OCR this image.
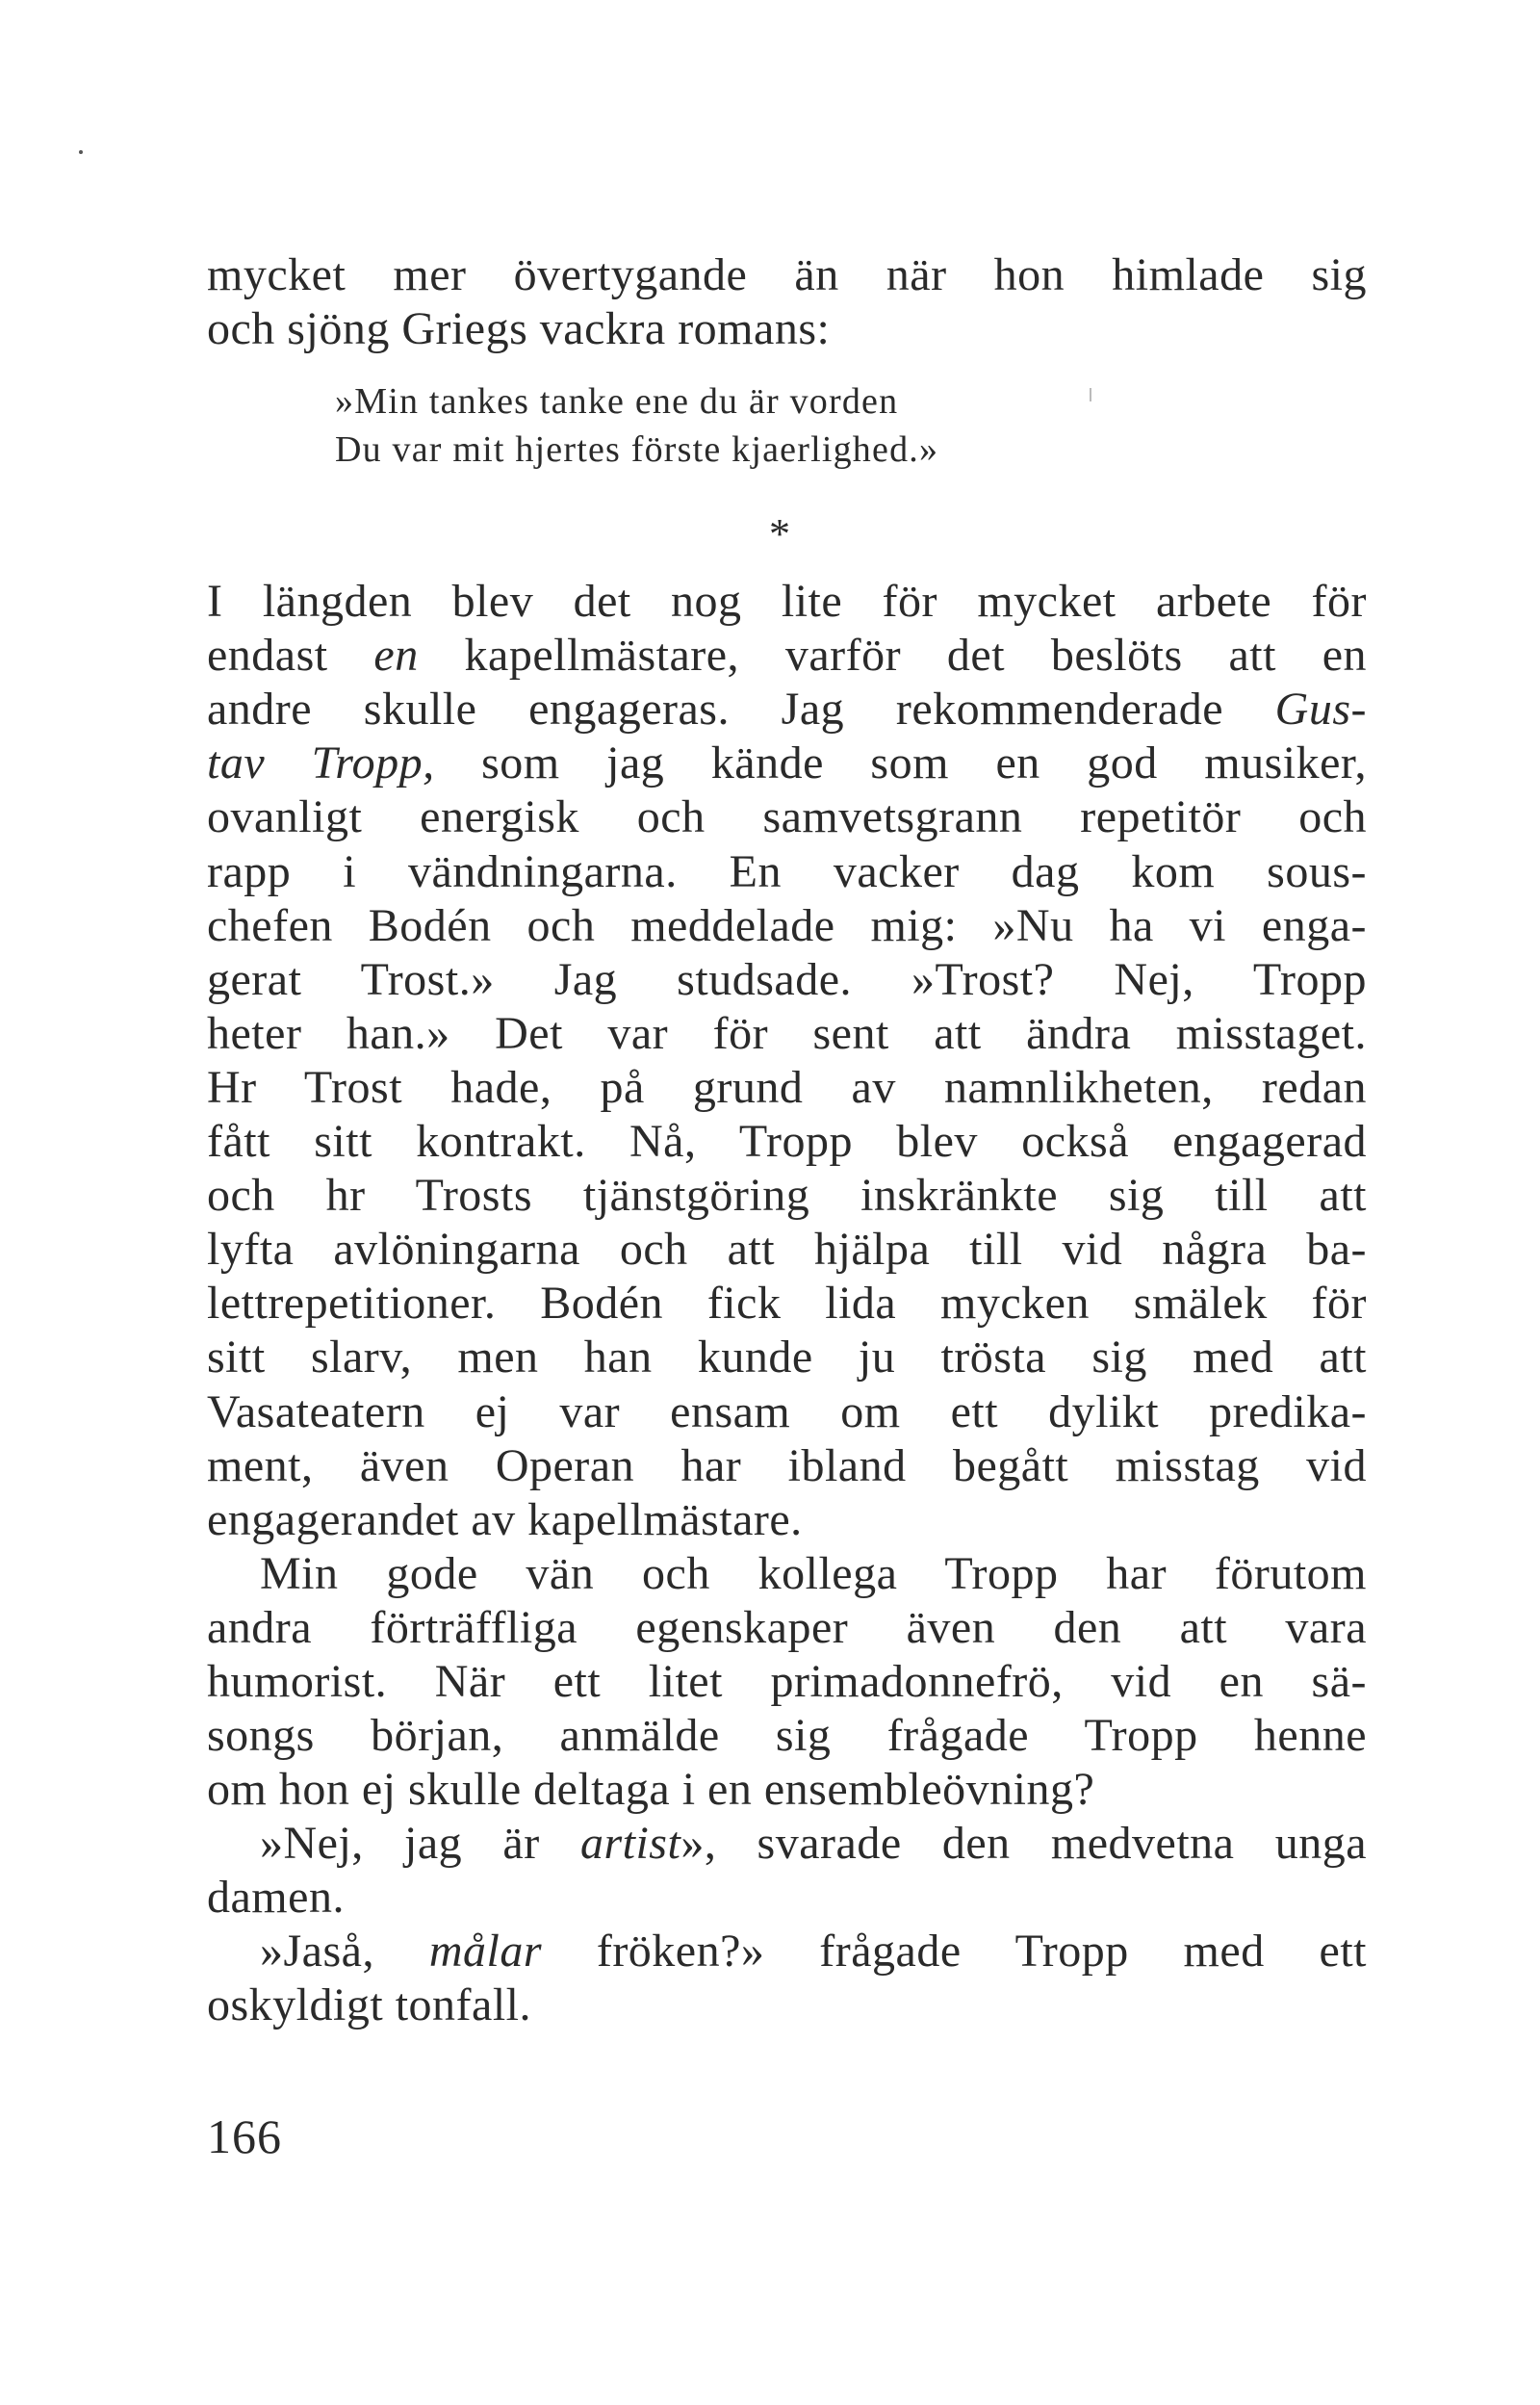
mycket mer övertygande än när hon himlade sig
och sjöng Griegs vackra romans:
»Min tankes tanke ene du är vorden
Du var mit hjertes förste kjaerlighed.»
*
I längden blev det nog lite för mycket arbete för
endast en kapellmästare, varför det beslöts att en
andre skulle engageras. Jag rekommenderade Gus-
tav Tropp, som jag kände som en god musiker,
ovanligt energisk och samvetsgrann repetitör och
rapp i vändningarna. En vacker dag kom sous-
chefen Bodén och meddelade mig: »Nu ha vi enga-
gerat Trost.» Jag studsade. »Trost? Nej, Tropp
heter han.» Det var för sent att ändra misstaget.
Hr Trost hade, på grund av namnlikheten, redan
fått sitt kontrakt. Nå, Tropp blev också engagerad
och hr Trosts tjänstgöring inskränkte sig till att
lyfta avlöningarna och att hjälpa till vid några ba-
lettrepetitioner. Bodén fick lida mycken smälek för
sitt slarv, men han kunde ju trösta sig med att
Vasateatern ej var ensam om ett dylikt predika-
ment, även Operan har ibland begått misstag vid
engagerandet av kapellmästare.
Min gode vän och kollega Tropp har förutom
andra förträffliga egenskaper även den att vara
humorist. När ett litet primadonnefrö, vid en sä-
songs början, anmälde sig frågade Tropp henne
om hon ej skulle deltaga i en ensembleövning?
»Nej, jag är artist», svarade den medvetna unga
damen.
»Jaså, målar fröken?» frågade Tropp med ett
oskyldigt tonfall.
166
